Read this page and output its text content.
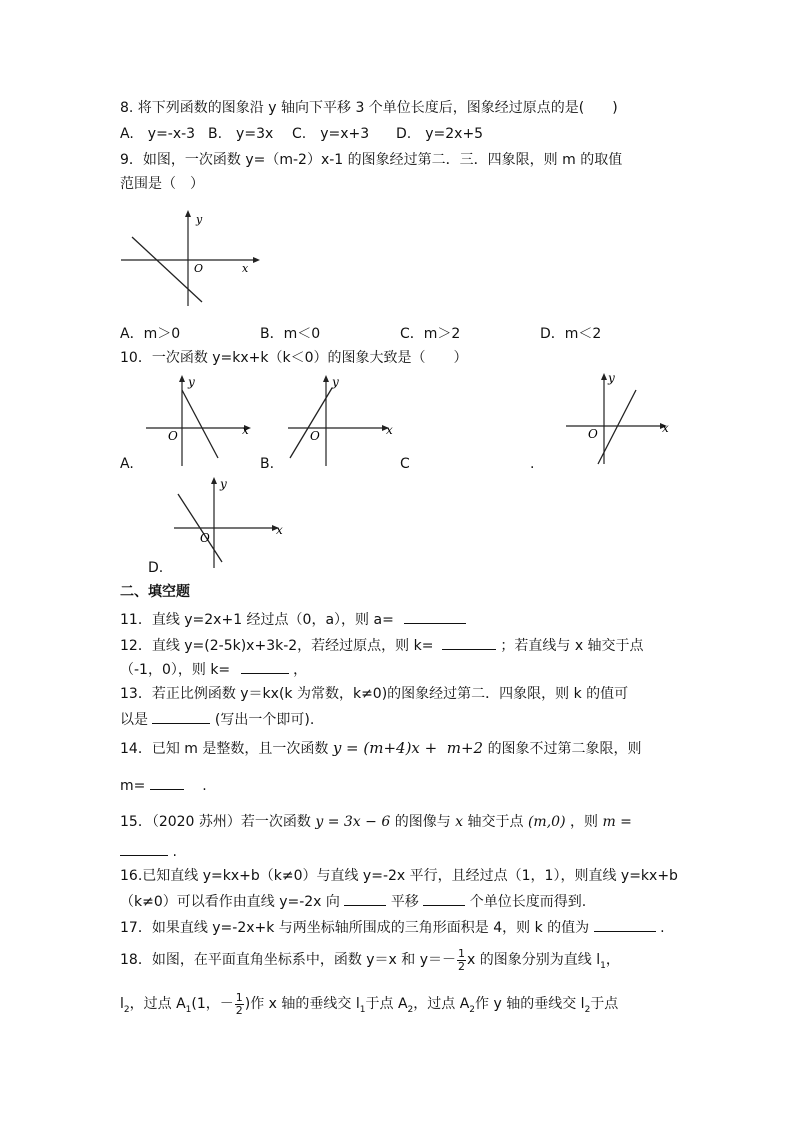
8. 将下列函数的图象沿 y 轴向下平移 3 个单位长度后，图象经过原点的是(　　)
A.　y=-x-3 B.　y=3x C.　y=x+3 D.　y=2x+5
9．如图，一次函数 y=（m-2）x-1 的图象经过第二．三．四象限，则 m 的取值
范围是（　）
y
O	x
A．m＞0	B．m＜0	C．m＞2	D．m＜2
10．一次函数 y=kx+k（k＜0）的图象大致是（　　）
y
O	x
y
O	x
y
O	x
A.	B.	C	.
y
O
x
D.
二、填空题
11．直线 y=2x+1 经过点（0，a），则 a=
12．直线 y=(2-5k)x+3k-2，若经过原点，则 k=	；若直线与 x 轴交于点
（-1，0），则 k=	，
13．若正比例函数 y＝kx(k 为常数，k≠0)的图象经过第二．四象限，则 k 的值可
以是	(写出一个即可).
14．已知 m 是整数，且一次函数 y = (m+4)x +  m+2 的图象不过第二象限，则
m=	　.
15．（2020 苏州）若一次函数 y = 3x − 6 的图像与 x 轴交于点 (m,0) ，则 m =
.
16.已知直线 y=kx+b（k≠0）与直线 y=-2x 平行，且经过点（1，1），则直线 y=kx+b
（k≠0）可以看作由直线 y=-2x 向	平移	个单位长度而得到.
17．如果直线 y=-2x+k 与两坐标轴所围成的三角形面积是 4，则 k 的值为	.
18．如图，在平面直角坐标系中，函数 y＝x 和 $y=- \frac{1}{2}$ x 的图象分别为直线 $l_1$，
$l_2$，过点 $A_1(1$，－ $\frac{1}{2}$ )作 x 轴的垂线交 $l_1$于点 $A_2$，过点 $A_2$作 y 轴的垂线交 $l_2$于点
